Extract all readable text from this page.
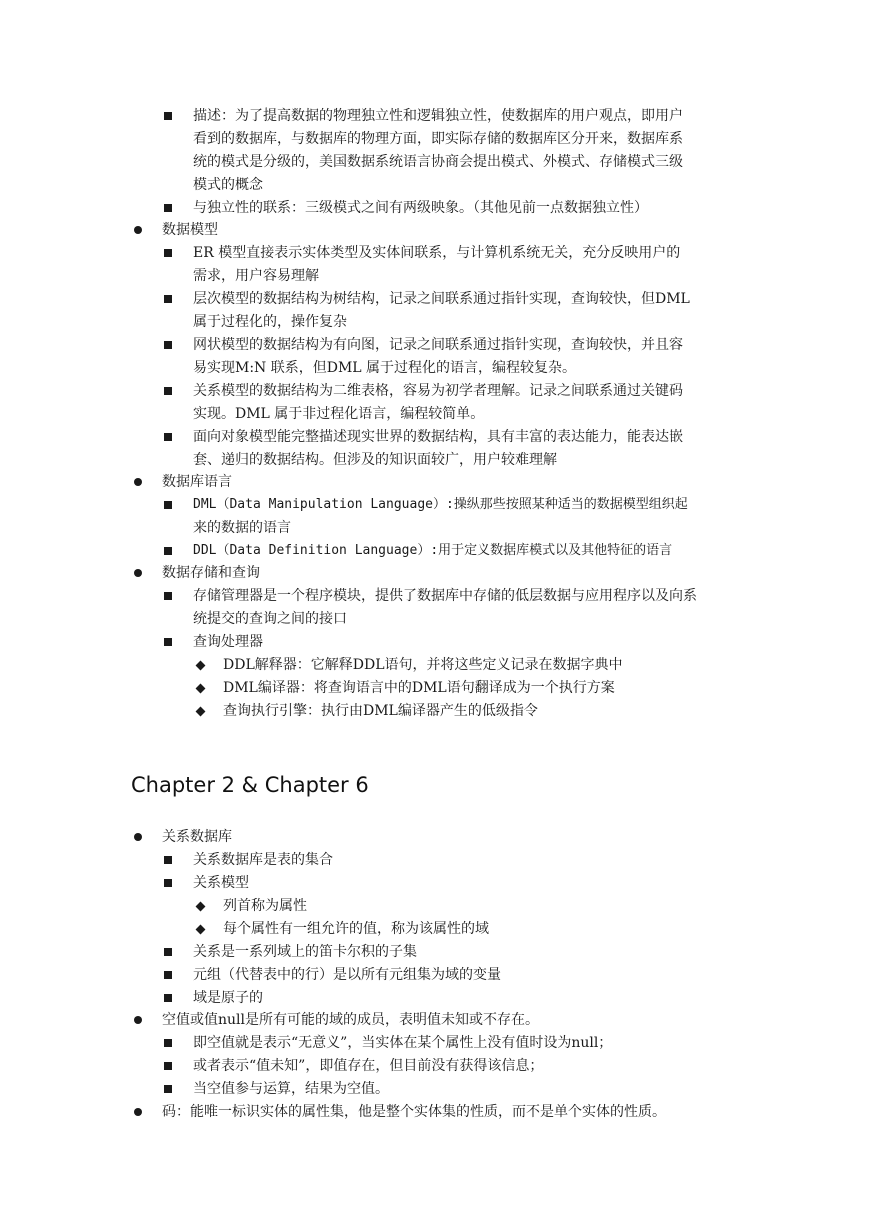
描述：为了提高数据的物理独立性和逻辑独立性，使数据库的用户观点，即用户
看到的数据库，与数据库的物理方面，即实际存储的数据库区分开来，数据库系
统的模式是分级的，美国数据系统语言协商会提出模式、外模式、存储模式三级
模式的概念
与独立性的联系：三级模式之间有两级映象。（其他见前一点数据独立性）
数据模型
ER 模型直接表示实体类型及实体间联系，与计算机系统无关，充分反映用户的
需求，用户容易理解
层次模型的数据结构为树结构，记录之间联系通过指针实现，查询较快，但DML
属于过程化的，操作复杂
网状模型的数据结构为有向图，记录之间联系通过指针实现，查询较快，并且容
易实现M:N 联系，但DML 属于过程化的语言，编程较复杂。
关系模型的数据结构为二维表格，容易为初学者理解。记录之间联系通过关键码
实现。DML 属于非过程化语言，编程较简单。
面向对象模型能完整描述现实世界的数据结构，具有丰富的表达能力，能表达嵌
套、递归的数据结构。但涉及的知识面较广，用户较难理解
数据库语言
DML（Data Manipulation Language）:操纵那些按照某种适当的数据模型组织起
来的数据的语言
DDL（Data Definition Language）:用于定义数据库模式以及其他特征的语言
数据存储和查询
存储管理器是一个程序模块，提供了数据库中存储的低层数据与应用程序以及向系
统提交的查询之间的接口
查询处理器
DDL解释器：它解释DDL语句，并将这些定义记录在数据字典中
DML编译器：将查询语言中的DML语句翻译成为一个执行方案
查询执行引擎：执行由DML编译器产生的低级指令
Chapter 2 & Chapter 6
关系数据库
关系数据库是表的集合
关系模型
列首称为属性
每个属性有一组允许的值，称为该属性的域
关系是一系列域上的笛卡尔积的子集
元组（代替表中的行）是以所有元组集为域的变量
域是原子的
空值或值null是所有可能的域的成员，表明值未知或不存在。
即空值就是表示“无意义”，当实体在某个属性上没有值时设为null；
或者表示“值未知”，即值存在，但目前没有获得该信息；
当空值参与运算，结果为空值。
码：能唯一标识实体的属性集，他是整个实体集的性质，而不是单个实体的性质。
